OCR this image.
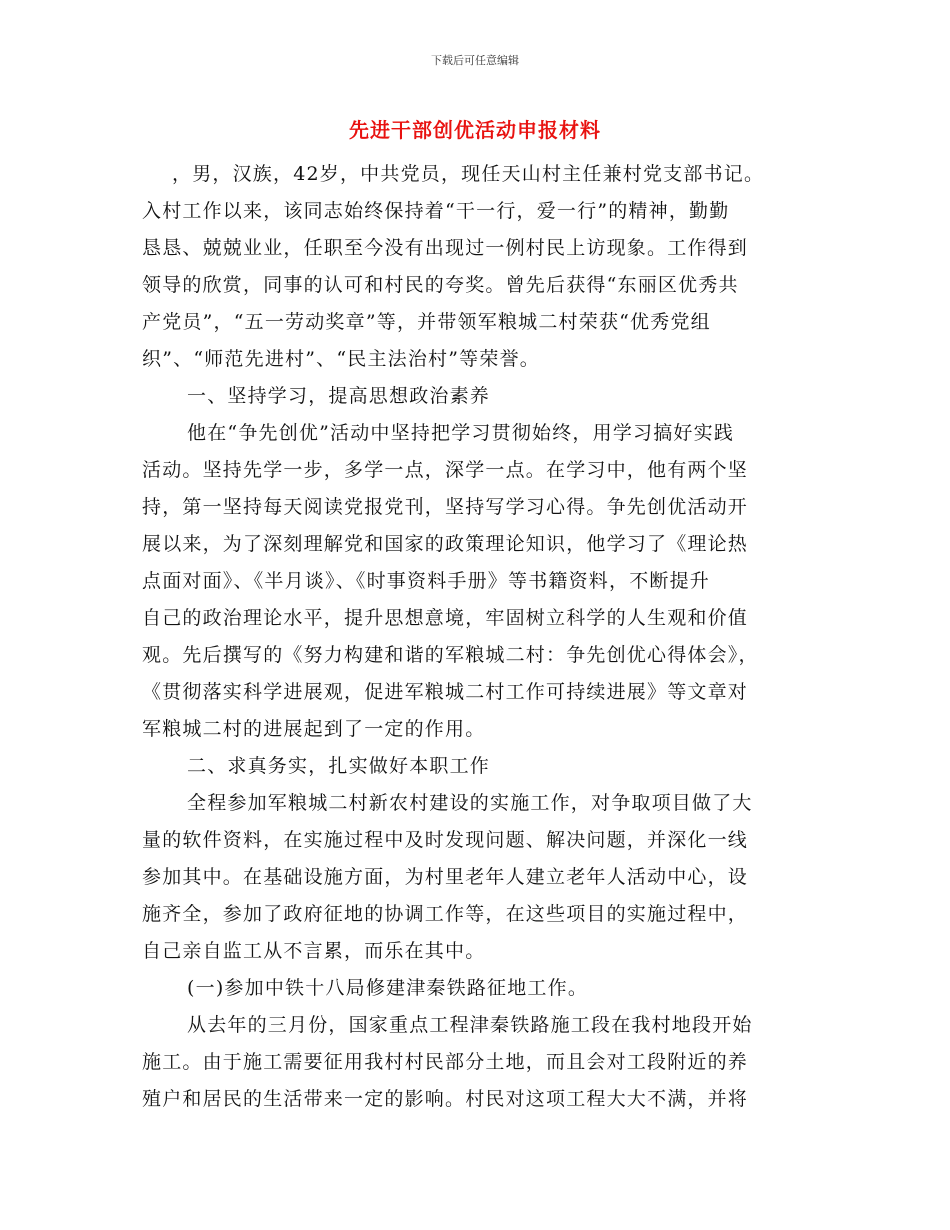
下载后可任意编辑
先进干部创优活动申报材料
，男，汉族，42岁，中共党员，现任天山村主任兼村党支部书记。
入村工作以来，该同志始终保持着“干一行，爱一行”的精神，勤勤
恳恳、兢兢业业，任职至今没有出现过一例村民上访现象。工作得到
领导的欣赏，同事的认可和村民的夸奖。曾先后获得“东丽区优秀共
产党员”，“五一劳动奖章”等，并带领军粮城二村荣获“优秀党组
织”、“师范先进村”、“民主法治村”等荣誉。
一、坚持学习，提高思想政治素养
他在“争先创优”活动中坚持把学习贯彻始终，用学习搞好实践
活动。坚持先学一步，多学一点，深学一点。在学习中，他有两个坚
持，第一坚持每天阅读党报党刊，坚持写学习心得。争先创优活动开
展以来，为了深刻理解党和国家的政策理论知识，他学习了《理论热
点面对面》、《半月谈》、《时事资料手册》等书籍资料，不断提升
自己的政治理论水平，提升思想意境，牢固树立科学的人生观和价值
观。先后撰写的《努力构建和谐的军粮城二村：争先创优心得体会》，
《贯彻落实科学进展观，促进军粮城二村工作可持续进展》等文章对
军粮城二村的进展起到了一定的作用。
二、求真务实，扎实做好本职工作
全程参加军粮城二村新农村建设的实施工作，对争取项目做了大
量的软件资料，在实施过程中及时发现问题、解决问题，并深化一线
参加其中。在基础设施方面，为村里老年人建立老年人活动中心，设
施齐全，参加了政府征地的协调工作等，在这些项目的实施过程中，
自己亲自监工从不言累，而乐在其中。
(一)参加中铁十八局修建津秦铁路征地工作。
从去年的三月份，国家重点工程津秦铁路施工段在我村地段开始
施工。由于施工需要征用我村村民部分土地，而且会对工段附近的养
殖户和居民的生活带来一定的影响。村民对这项工程大大不满，并将
